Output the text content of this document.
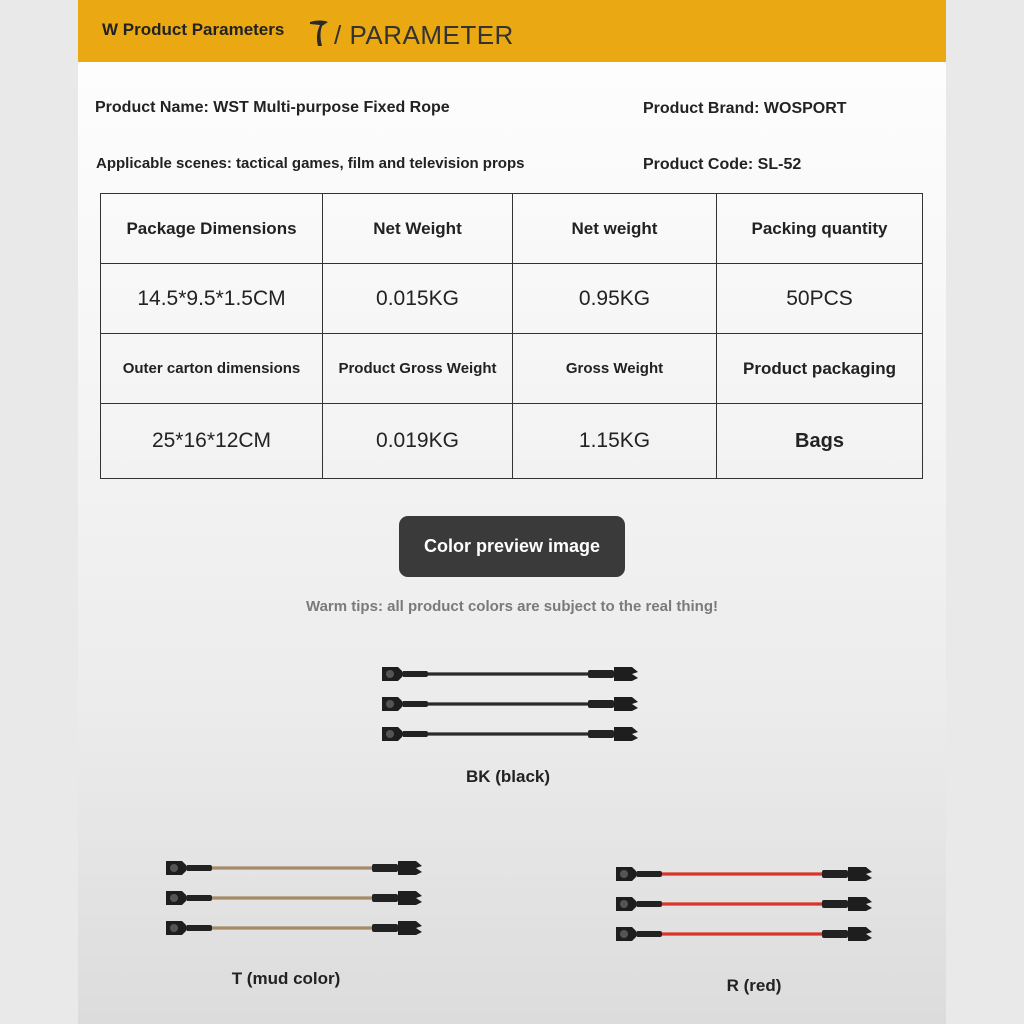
W Product Parameters / PARAMETER
Product Name: WST Multi-purpose Fixed Rope	Product Brand: WOSPORT
Applicable scenes: tactical games, film and television props	Product Code: SL-52
Package Dimensions	Net Weight	Net weight	Packing quantity
14.5*9.5*1.5CM	0.015KG	0.95KG	50PCS
Outer carton dimensions	Product Gross Weight	Gross Weight	Product packaging
25*16*12CM	0.019KG	1.15KG	Bags
Color preview image
Warm tips: all product colors are subject to the real thing!
BK (black)
T (mud color)	R (red)
